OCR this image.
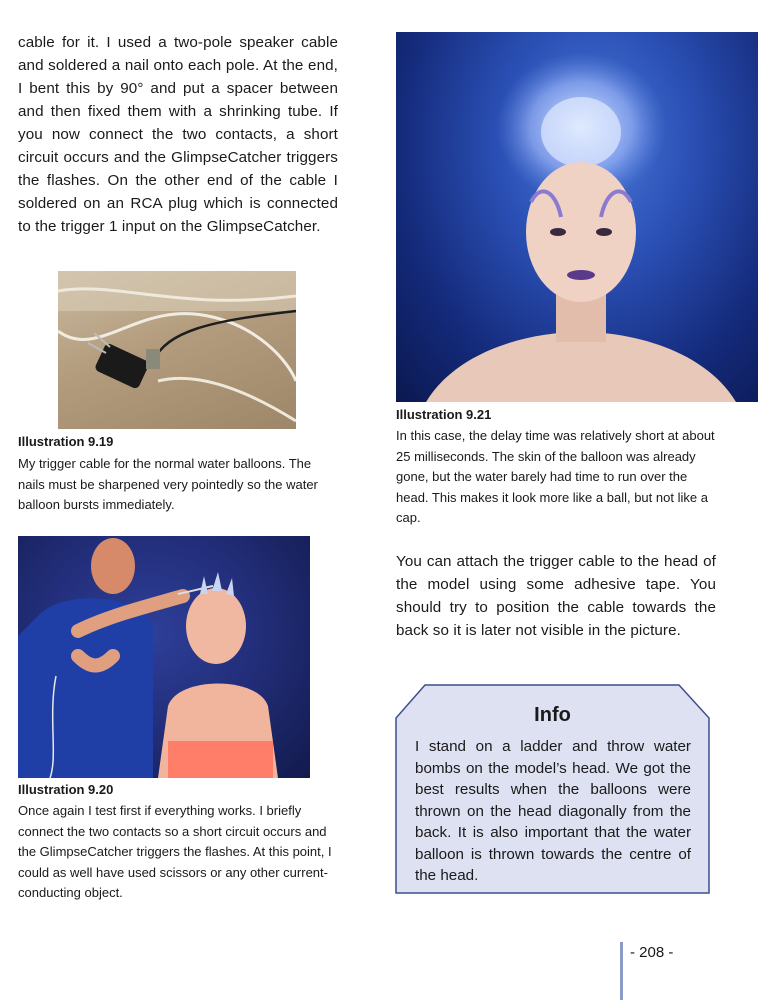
cable for it. I used a two-pole speaker cable and soldered a nail onto each pole. At the end, I bent this by 90° and put a spacer between and then fixed them with a shrinking tube. If you now connect the two contacts, a short circuit occurs and the GlimpseCatcher triggers the flashes. On the other end of the cable I soldered on an RCA plug which is connected to the trigger 1 input on the GlimpseCatcher.
Illustration 9.19
My trigger cable for the normal water balloons. The nails must be sharpened very pointedly so the water balloon bursts immediately.
Illustration 9.20
Once again I test first if everything works. I briefly connect the two contacts so a short circuit occurs and the GlimpseCatcher triggers the flashes. At this point, I could as well have used scissors or any other current-conducting object.
Illustration 9.21
In this case, the delay time was relatively short at about 25 milliseconds. The skin of the balloon was already gone, but the water barely had time to run over the head. This makes it look more like a ball, but not like a cap.
You can attach the trigger cable to the head of the model using some adhesive tape. You should try to position the cable towards the back so it is later not visible in the picture.
Info
I stand on a ladder and throw water bombs on the model’s head. We got the best results when the balloons were thrown on the head diagonally from the back. It is also important that the water balloon is thrown towards the centre of the head.
- 208 -
